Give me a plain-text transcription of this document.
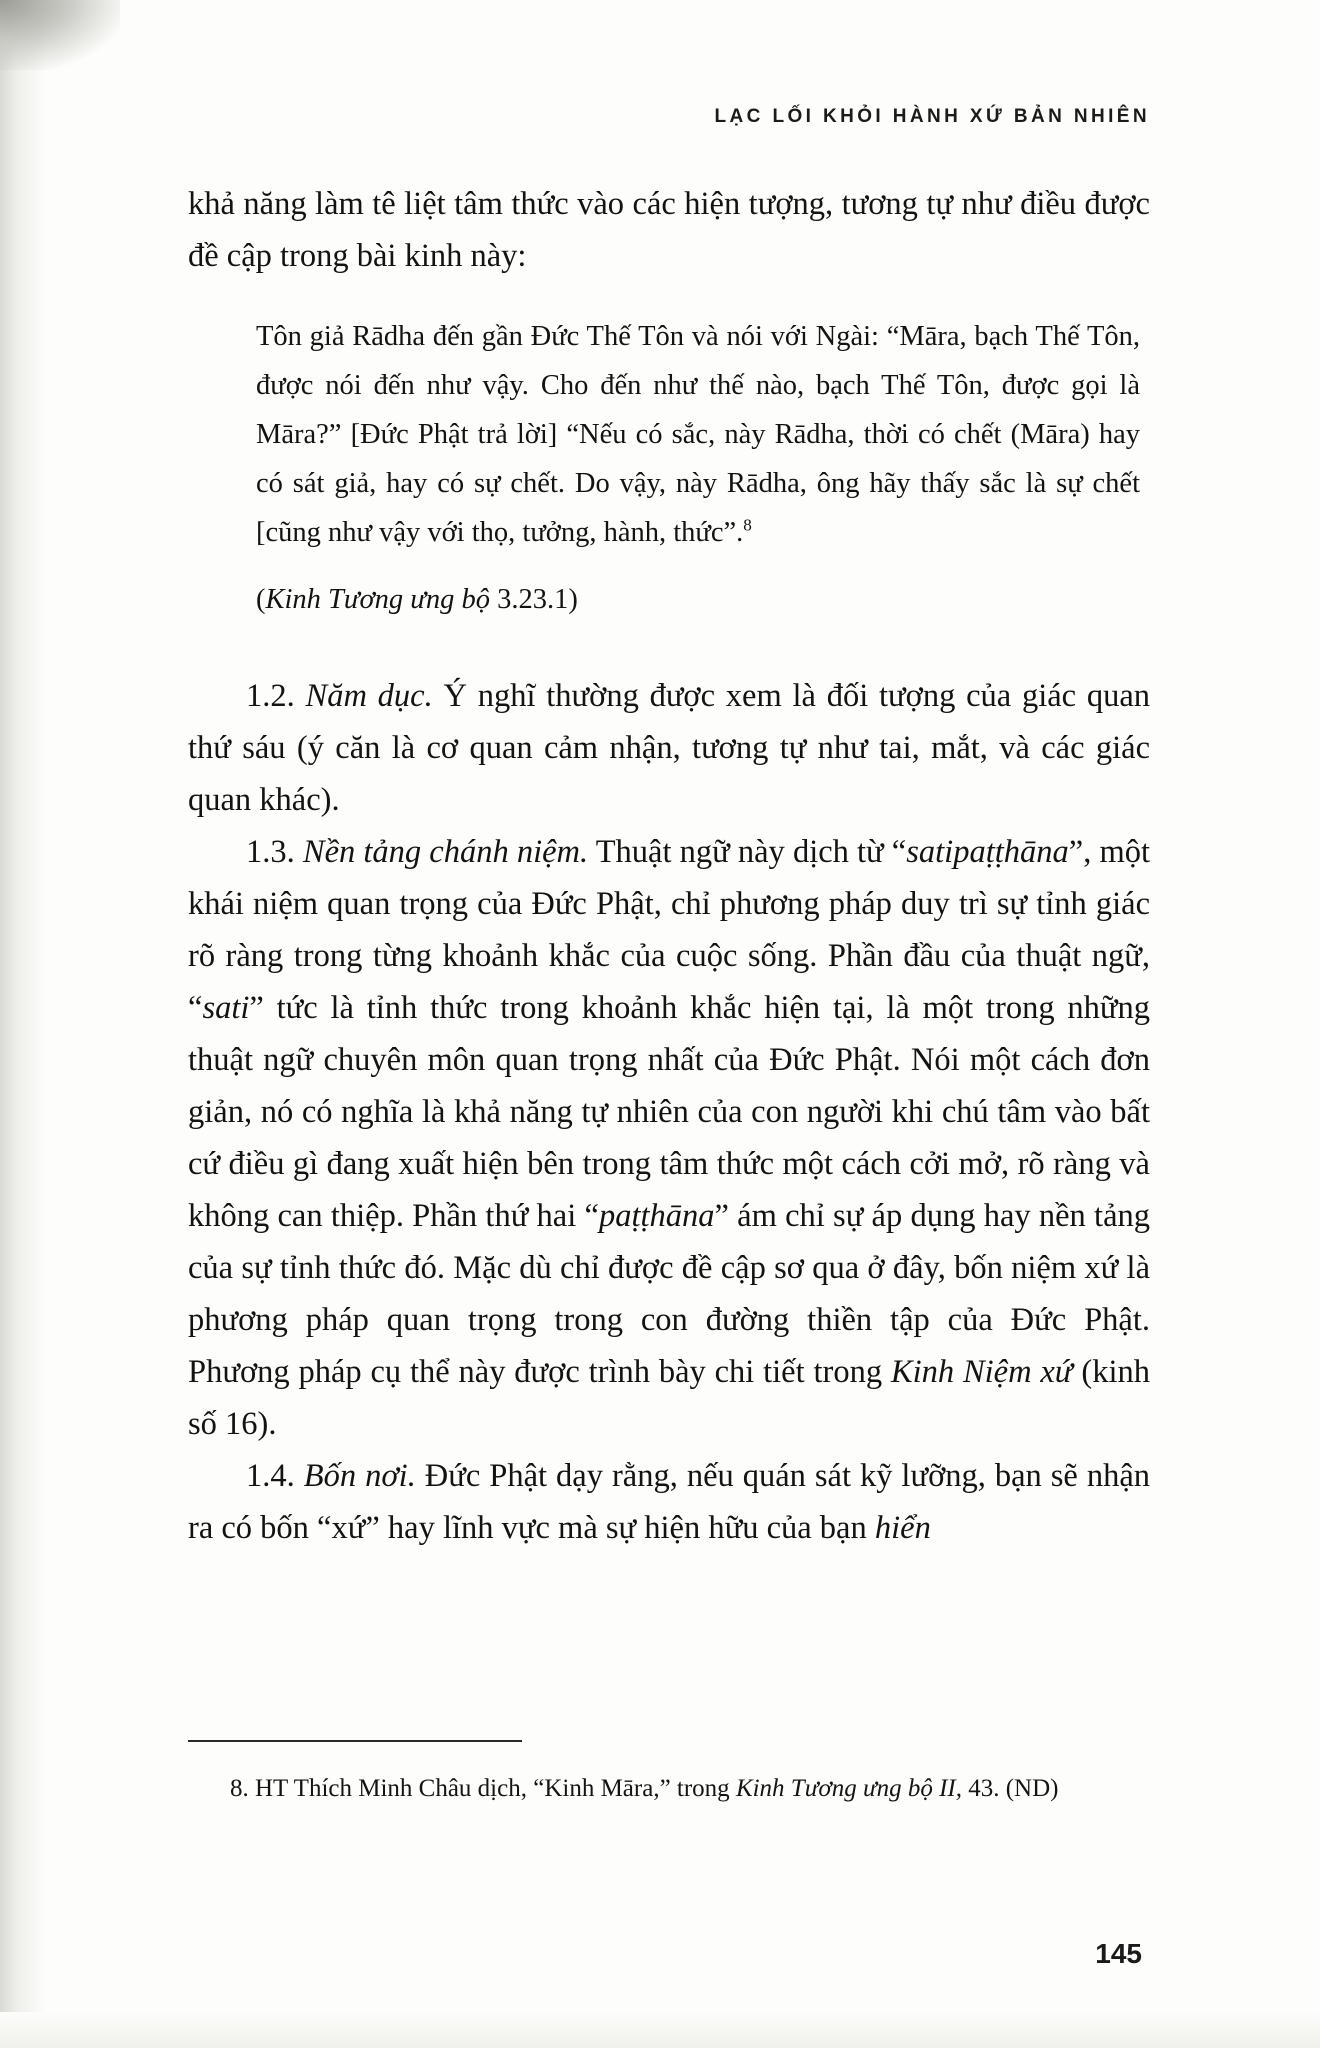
LẠC LỐI KHỎI HÀNH XỨ BẢN NHIÊN

khả năng làm tê liệt tâm thức vào các hiện tượng, tương tự như điều được đề cập trong bài kinh này:

Tôn giả Rādha đến gần Đức Thế Tôn và nói với Ngài: “Māra, bạch Thế Tôn, được nói đến như vậy. Cho đến như thế nào, bạch Thế Tôn, được gọi là Māra?” [Đức Phật trả lời] “Nếu có sắc, này Rādha, thời có chết (Māra) hay có sát giả, hay có sự chết. Do vậy, này Rādha, ông hãy thấy sắc là sự chết [cũng như vậy với thọ, tưởng, hành, thức”.$^8$

(Kinh Tương ưng bộ 3.23.1)

1.2. Năm dục. Ý nghĩ thường được xem là đối tượng của giác quan thứ sáu (ý căn là cơ quan cảm nhận, tương tự như tai, mắt, và các giác quan khác).

1.3. Nền tảng chánh niệm. Thuật ngữ này dịch từ “satipaṭṭhāna”, một khái niệm quan trọng của Đức Phật, chỉ phương pháp duy trì sự tỉnh giác rõ ràng trong từng khoảnh khắc của cuộc sống. Phần đầu của thuật ngữ, “sati” tức là tỉnh thức trong khoảnh khắc hiện tại, là một trong những thuật ngữ chuyên môn quan trọng nhất của Đức Phật. Nói một cách đơn giản, nó có nghĩa là khả năng tự nhiên của con người khi chú tâm vào bất cứ điều gì đang xuất hiện bên trong tâm thức một cách cởi mở, rõ ràng và không can thiệp. Phần thứ hai “paṭṭhāna” ám chỉ sự áp dụng hay nền tảng của sự tỉnh thức đó. Mặc dù chỉ được đề cập sơ qua ở đây, bốn niệm xứ là phương pháp quan trọng trong con đường thiền tập của Đức Phật. Phương pháp cụ thể này được trình bày chi tiết trong Kinh Niệm xứ (kinh số 16).

1.4. Bốn nơi. Đức Phật dạy rằng, nếu quán sát kỹ lưỡng, bạn sẽ nhận ra có bốn “xứ” hay lĩnh vực mà sự hiện hữu của bạn hiển

8. HT Thích Minh Châu dịch, “Kinh Māra,” trong Kinh Tương ưng bộ II, 43. (ND)

145
